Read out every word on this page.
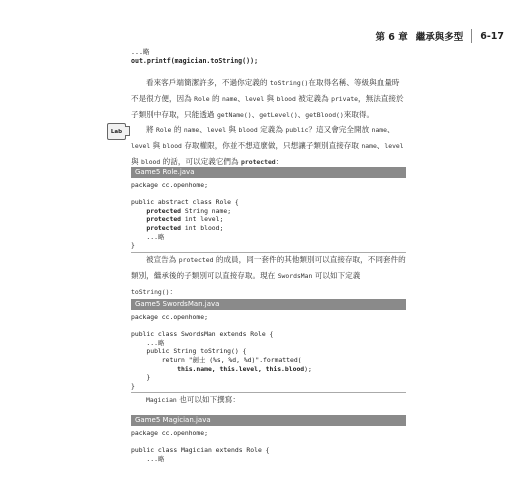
第 6 章 繼承與多型 6-17
...略
out.printf(magician.toString());
看來客戶端簡潔許多，不過你定義的 toString()在取得名稱、等級與血量時不是很方便，因為 Role 的 name、level 與 blood 被定義為 private，無法直接於子類別中存取，只能透過 getName()、getLevel()、getBlood()來取得。
Lab	將 Role 的 name、level 與 blood 定義為 public？這又會完全開放 name、level 與 blood 存取權限，你並不想這麼做，只想讓子類別直接存取 name、level 與 blood 的話，可以定義它們為 protected：
Game5 Role.java
package cc.openhome;

public abstract class Role {
protected String name;
protected int level;
protected int blood;
...略
}
被宣告為 protected 的成員，同一套件的其他類別可以直接存取，不同套件的類別，繼承後的子類別可以直接存取。現在 SwordsMan 可以如下定義 toString()：
Game5 SwordsMan.java
package cc.openhome;

public class SwordsMan extends Role {
...略
public String toString() {
return "劍士 (%s, %d, %d)".formatted(
this.name, this.level, this.blood);
}
}
Magician 也可以如下撰寫：
Game5 Magician.java
package cc.openhome;

public class Magician extends Role {
...略
